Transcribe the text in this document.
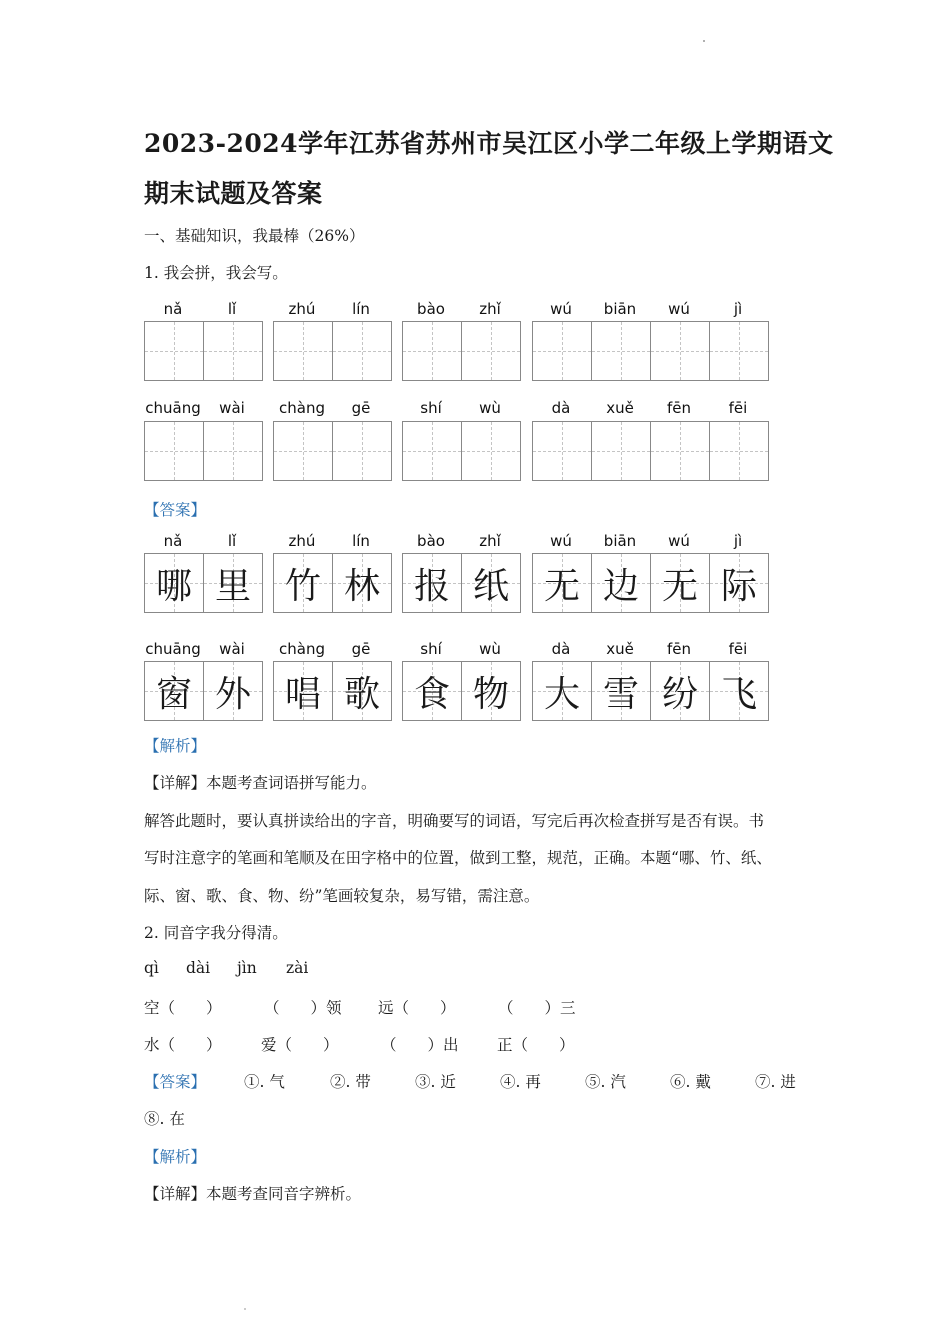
2023-2024学年江苏省苏州市吴江区小学二年级上学期语文
期末试题及答案
一、基础知识，我最棒（26%）
1. 我会拼，我会写。
nǎ	lǐ	zhú	lín	bào	zhǐ	wú	biān	wú	jì
chuāng	wài	chàng	gē	shí	wù	dà	xuě	fēn	fēi
nǎ	lǐ
哪 里
zhú	lín
竹 林
bào	zhǐ
报 纸
wú	biān	wú	jì
无 边 无 际
chuāng	wài
窗 外
chàng	gē
唱 歌
shí	wù
食 物
dà	xuě	fēn	fēi
大 雪 纷 飞
【答案】
【解析】
【详解】本题考查词语拼写能力。
解答此题时，要认真拼读给出的字音，明确要写的词语，写完后再次检查拼写是否有误。书
写时注意字的笔画和笔顺及在田字格中的位置，做到工整，规范，正确。本题“哪、竹、纸、
际、窗、歌、食、物、纷”笔画较复杂，易写错，需注意。
2. 同音字我分得清。
qì dài jìn zài
空（　　）	（　　）领 远（　　）	（　　）三
水（　　）	爱（　　）	（　　）出 正（　　）
【答案】 ①. 气	②. 带	③. 近	④. 再	⑤. 汽	⑥. 戴	⑦. 进
⑧. 在
【解析】
【详解】本题考查同音字辨析。
